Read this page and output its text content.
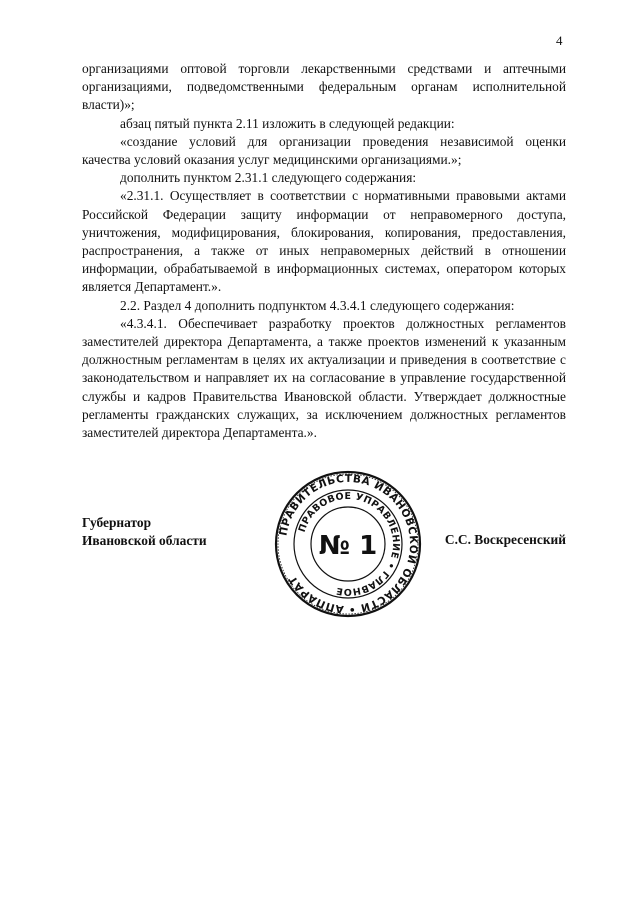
4

организациями оптовой торговли лекарственными средствами и аптечными организациями, подведомственными федеральным органам исполнительной власти)»;

абзац пятый пункта 2.11 изложить в следующей редакции:

«создание условий для организации проведения независимой оценки качества условий оказания услуг медицинскими организациями.»;

дополнить пунктом 2.31.1 следующего содержания:

«2.31.1. Осуществляет в соответствии с нормативными правовыми актами Российской Федерации защиту информации от неправомерного доступа, уничтожения, модифицирования, блокирования, копирования, предоставления, распространения, а также от иных неправомерных действий в отношении информации, обрабатываемой в информационных системах, оператором которых является Департамент.».

2.2. Раздел 4 дополнить подпунктом 4.3.4.1 следующего содержания:

«4.3.4.1. Обеспечивает разработку проектов должностных регламентов заместителей директора Департамента, а также проектов изменений к указанным должностным регламентам в целях их актуализации и приведения в соответствие с законодательством и направляет их на согласование в управление государственной службы и кадров Правительства Ивановской области. Утверждает должностные регламенты гражданских служащих, за исключением должностных регламентов заместителей директора Департамента.».

Губернатор
Ивановской области
ПРАВИТЕЛЬСТВА ИВАНОВСКОЙ ОБЛАСТИ • АППАРАТ
ПРАВОВОЕ УПРАВЛЕНИЕ • ГЛАВНОЕ
№ 1	С.С. Воскресенский
